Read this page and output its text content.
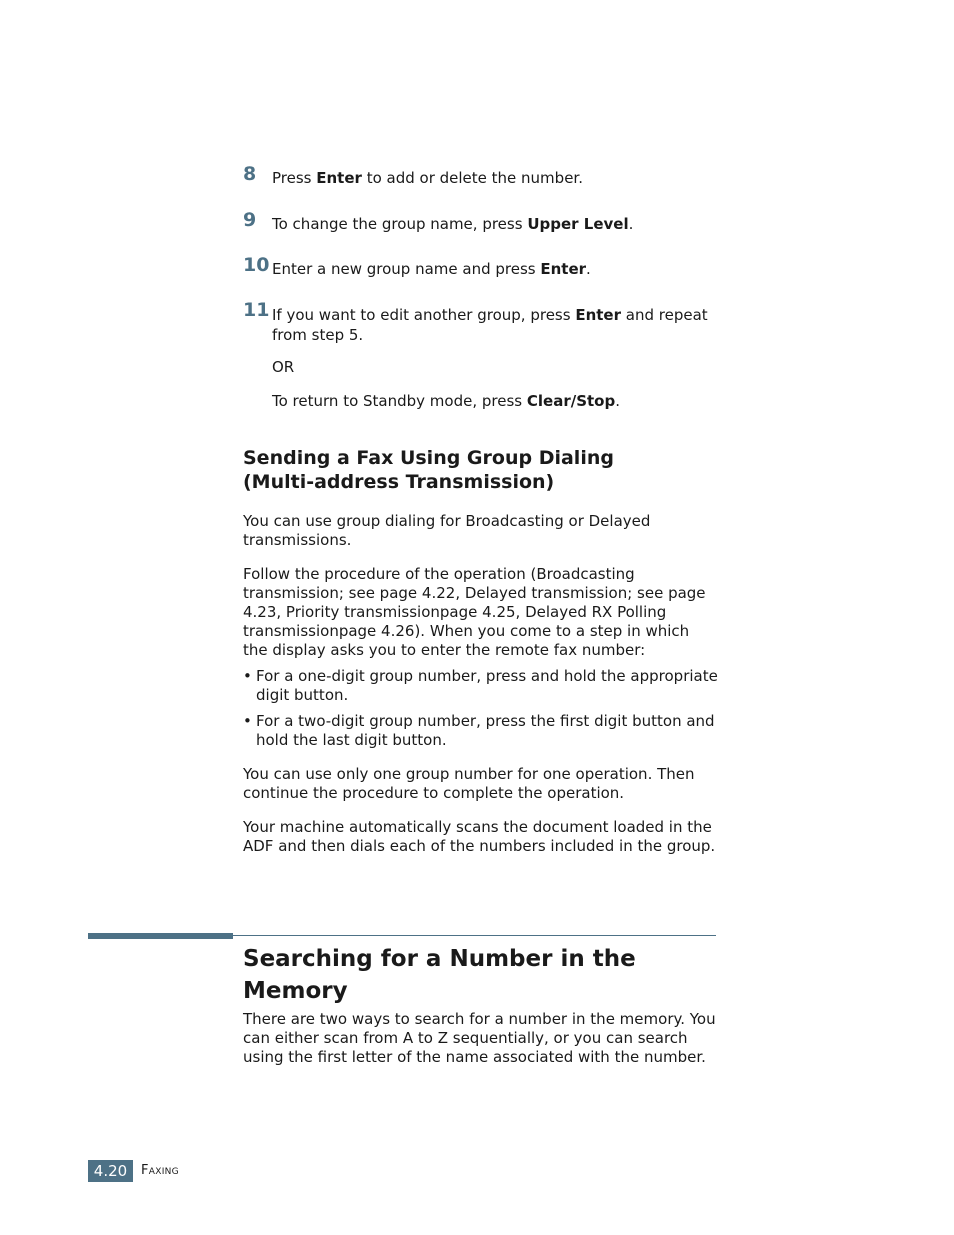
8 Press Enter to add or delete the number.
9 To change the group name, press Upper Level.
10 Enter a new group name and press Enter.
11 If you want to edit another group, press Enter and repeat from step 5.
OR
To return to Standby mode, press Clear/Stop.
Sending a Fax Using Group Dialing
(Multi-address Transmission)
You can use group dialing for Broadcasting or Delayed transmissions.
Follow the procedure of the operation (Broadcasting transmission; see page 4.22, Delayed transmission; see page 4.23, Priority transmissionpage 4.25, Delayed RX Polling transmissionpage 4.26). When you come to a step in which the display asks you to enter the remote fax number:
• For a one-digit group number, press and hold the appropriate digit button.
• For a two-digit group number, press the first digit button and hold the last digit button.
You can use only one group number for one operation. Then continue the procedure to complete the operation.
Your machine automatically scans the document loaded in the ADF and then dials each of the numbers included in the group.
Searching for a Number in the Memory
There are two ways to search for a number in the memory. You can either scan from A to Z sequentially, or you can search using the first letter of the name associated with the number.
4.20	Faxing
